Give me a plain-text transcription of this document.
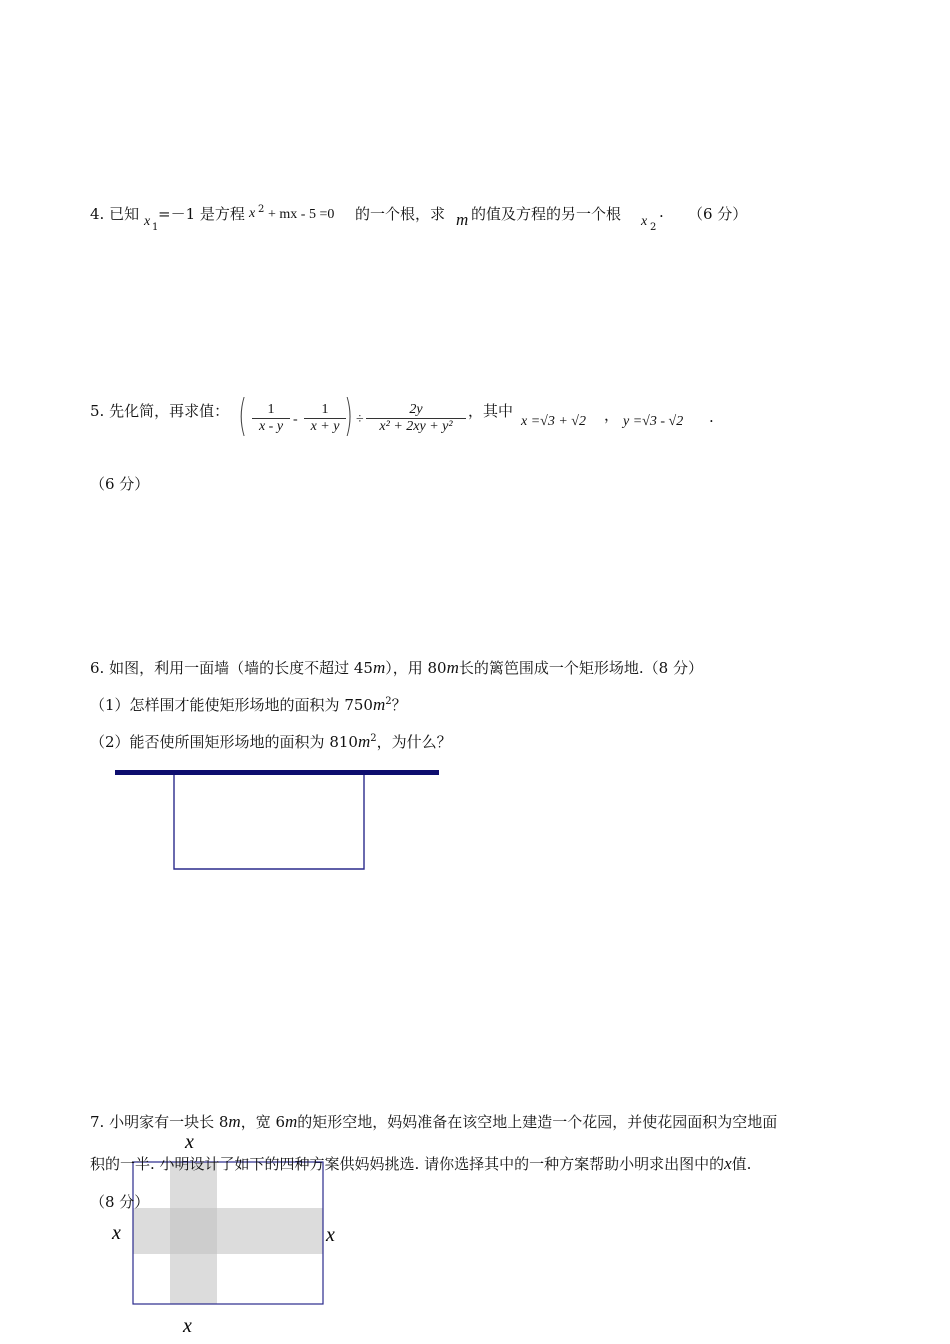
4. 已知 x 1
=－1 是方程 x 2 + mx - 5 =0 的一个根，求 m 的值及方程的另一个根 x 2
. （6 分）
5. 先化简，再求值： ( $\frac{1}{x - y} - \frac{1}{x + y}$
) ÷ $\frac{2y}{\text{x² + 2xy + y²}}$ ，其中
x =√3 + √2 ， y =√3 - √2 .
（6 分）
6. 如图，利用一面墙（墙的长度不超过 45m），用 80m长的篱笆围成一个矩形场地.（8 分）
（1）怎样围才能使矩形场地的面积为 $750m^2$？
（2）能否使所围矩形场地的面积为 $810m^2$，为什么？
7. 小明家有一块长 8m，宽 6m的矩形空地，妈妈准备在该空地上建造一个花园，并使花园面积为空地面
x
x	x
x
积的一半. 小明设计了如下的四种方案供妈妈挑选. 请你选择其中的一种方案帮助小明求出图中的x值.
（8 分）
